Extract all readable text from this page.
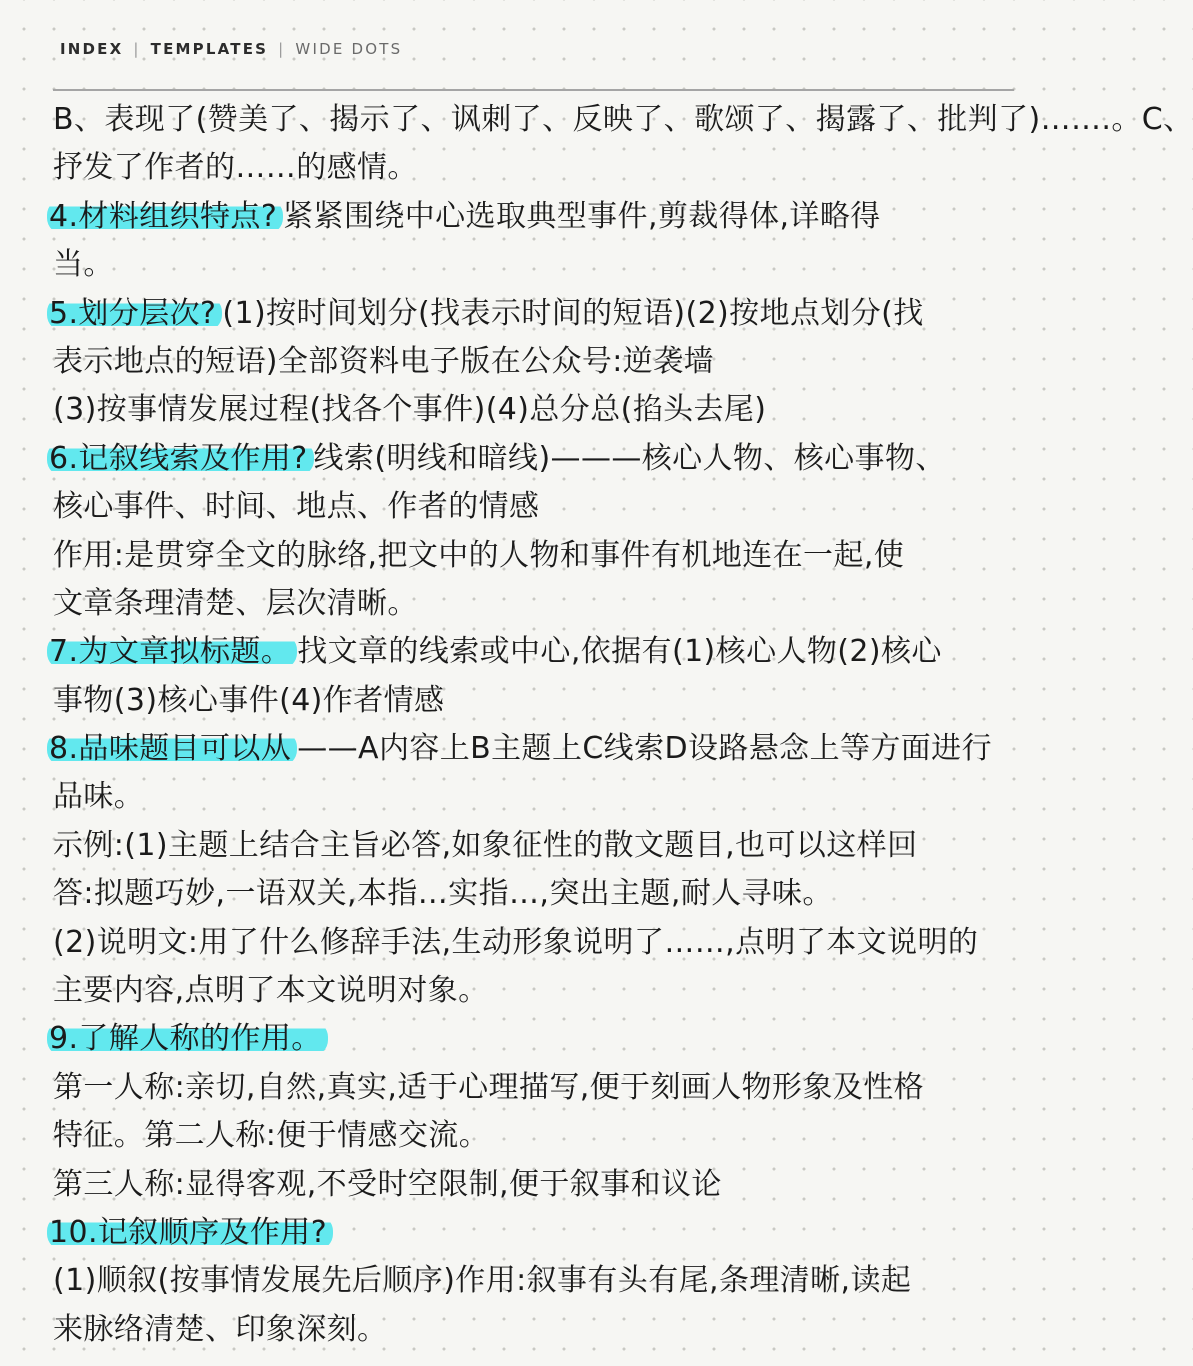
INDEX | TEMPLATES | WIDE DOTS
B、表现了(赞美了、揭示了、讽刺了、反映了、歌颂了、揭露了、批判了)…….。C、
抒发了作者的……的感情。
4.材料组织特点? 紧紧围绕中心选取典型事件,剪裁得体,详略得
当。
5.划分层次? (1)按时间划分(找表示时间的短语)(2)按地点划分(找
表示地点的短语)全部资料电子版在公众号:逆袭墙
(3)按事情发展过程(找各个事件)(4)总分总(掐头去尾)
6.记叙线索及作用? 线索(明线和暗线)———核心人物、核心事物、
核心事件、时间、地点、作者的情感
作用:是贯穿全文的脉络,把文中的人物和事件有机地连在一起,使
文章条理清楚、层次清晰。
7.为文章拟标题。 找文章的线索或中心,依据有(1)核心人物(2)核心
事物(3)核心事件(4)作者情感
8.品味题目可以从 ——A内容上B主题上C线索D设路悬念上等方面进行
品味。
示例:(1)主题上结合主旨必答,如象征性的散文题目,也可以这样回
答:拟题巧妙,一语双关,本指…实指…,突出主题,耐人寻味。
(2)说明文:用了什么修辞手法,生动形象说明了……,点明了本文说明的
主要内容,点明了本文说明对象。
9.了解人称的作用。
第一人称:亲切,自然,真实,适于心理描写,便于刻画人物形象及性格
特征。第二人称:便于情感交流。
第三人称:显得客观,不受时空限制,便于叙事和议论
10.记叙顺序及作用?
(1)顺叙(按事情发展先后顺序)作用:叙事有头有尾,条理清晰,读起
来脉络清楚、印象深刻。
